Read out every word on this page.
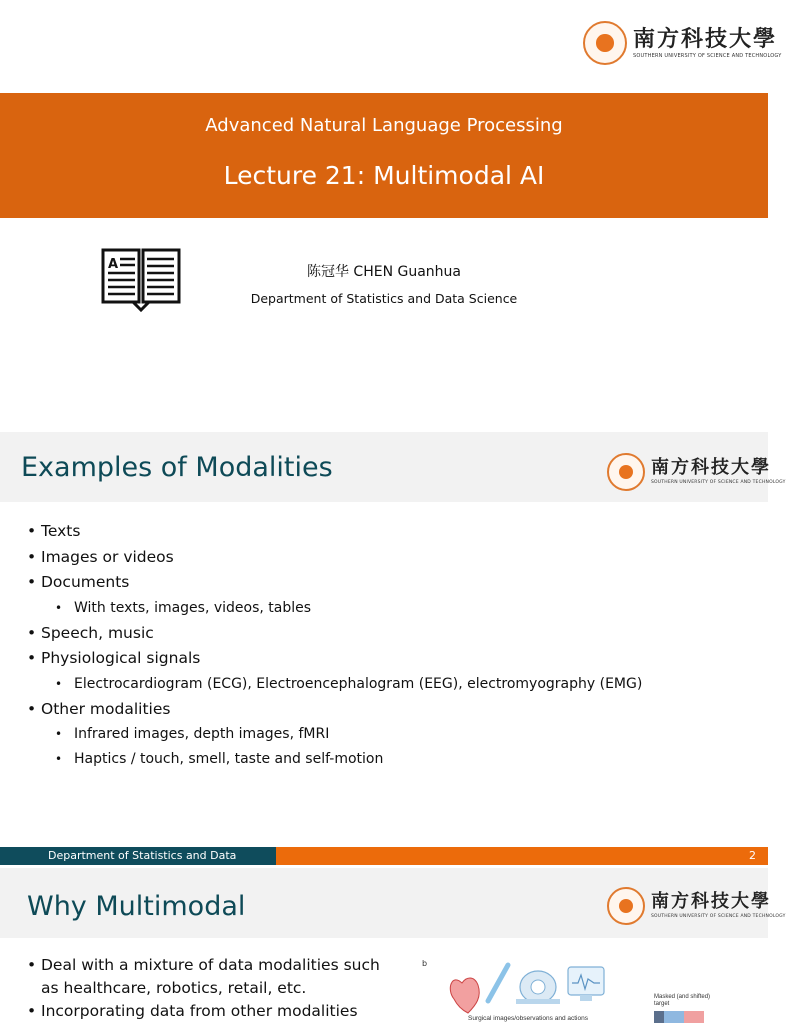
南方科技大學
SOUTHERN UNIVERSITY OF SCIENCE AND TECHNOLOGY
Advanced Natural Language Processing
Lecture 21: Multimodal AI
A	陈冠华 CHEN Guanhua
Department of Statistics and Data Science
Examples of Modalities	南方科技大學
SOUTHERN UNIVERSITY OF SCIENCE AND TECHNOLOGY
• Texts
• Images or videos
• Documents
• With texts, images, videos, tables
• Speech, music
• Physiological signals
• Electrocardiogram (ECG), Electroencephalogram (EEG), electromyography (EMG)
• Other modalities
• Infrared images, depth images, fMRI
• Haptics / touch, smell, taste and self-motion
Department of Statistics and Data	2
Why Multimodal	南方科技大學
SOUTHERN UNIVERSITY OF SCIENCE AND TECHNOLOGY
• Deal with a mixture of data modalities such as healthcare, robotics, retail, etc.
• Incorporating data from other modalities
b
Surgical images/observations and actions
Masked (and shifted)
target
